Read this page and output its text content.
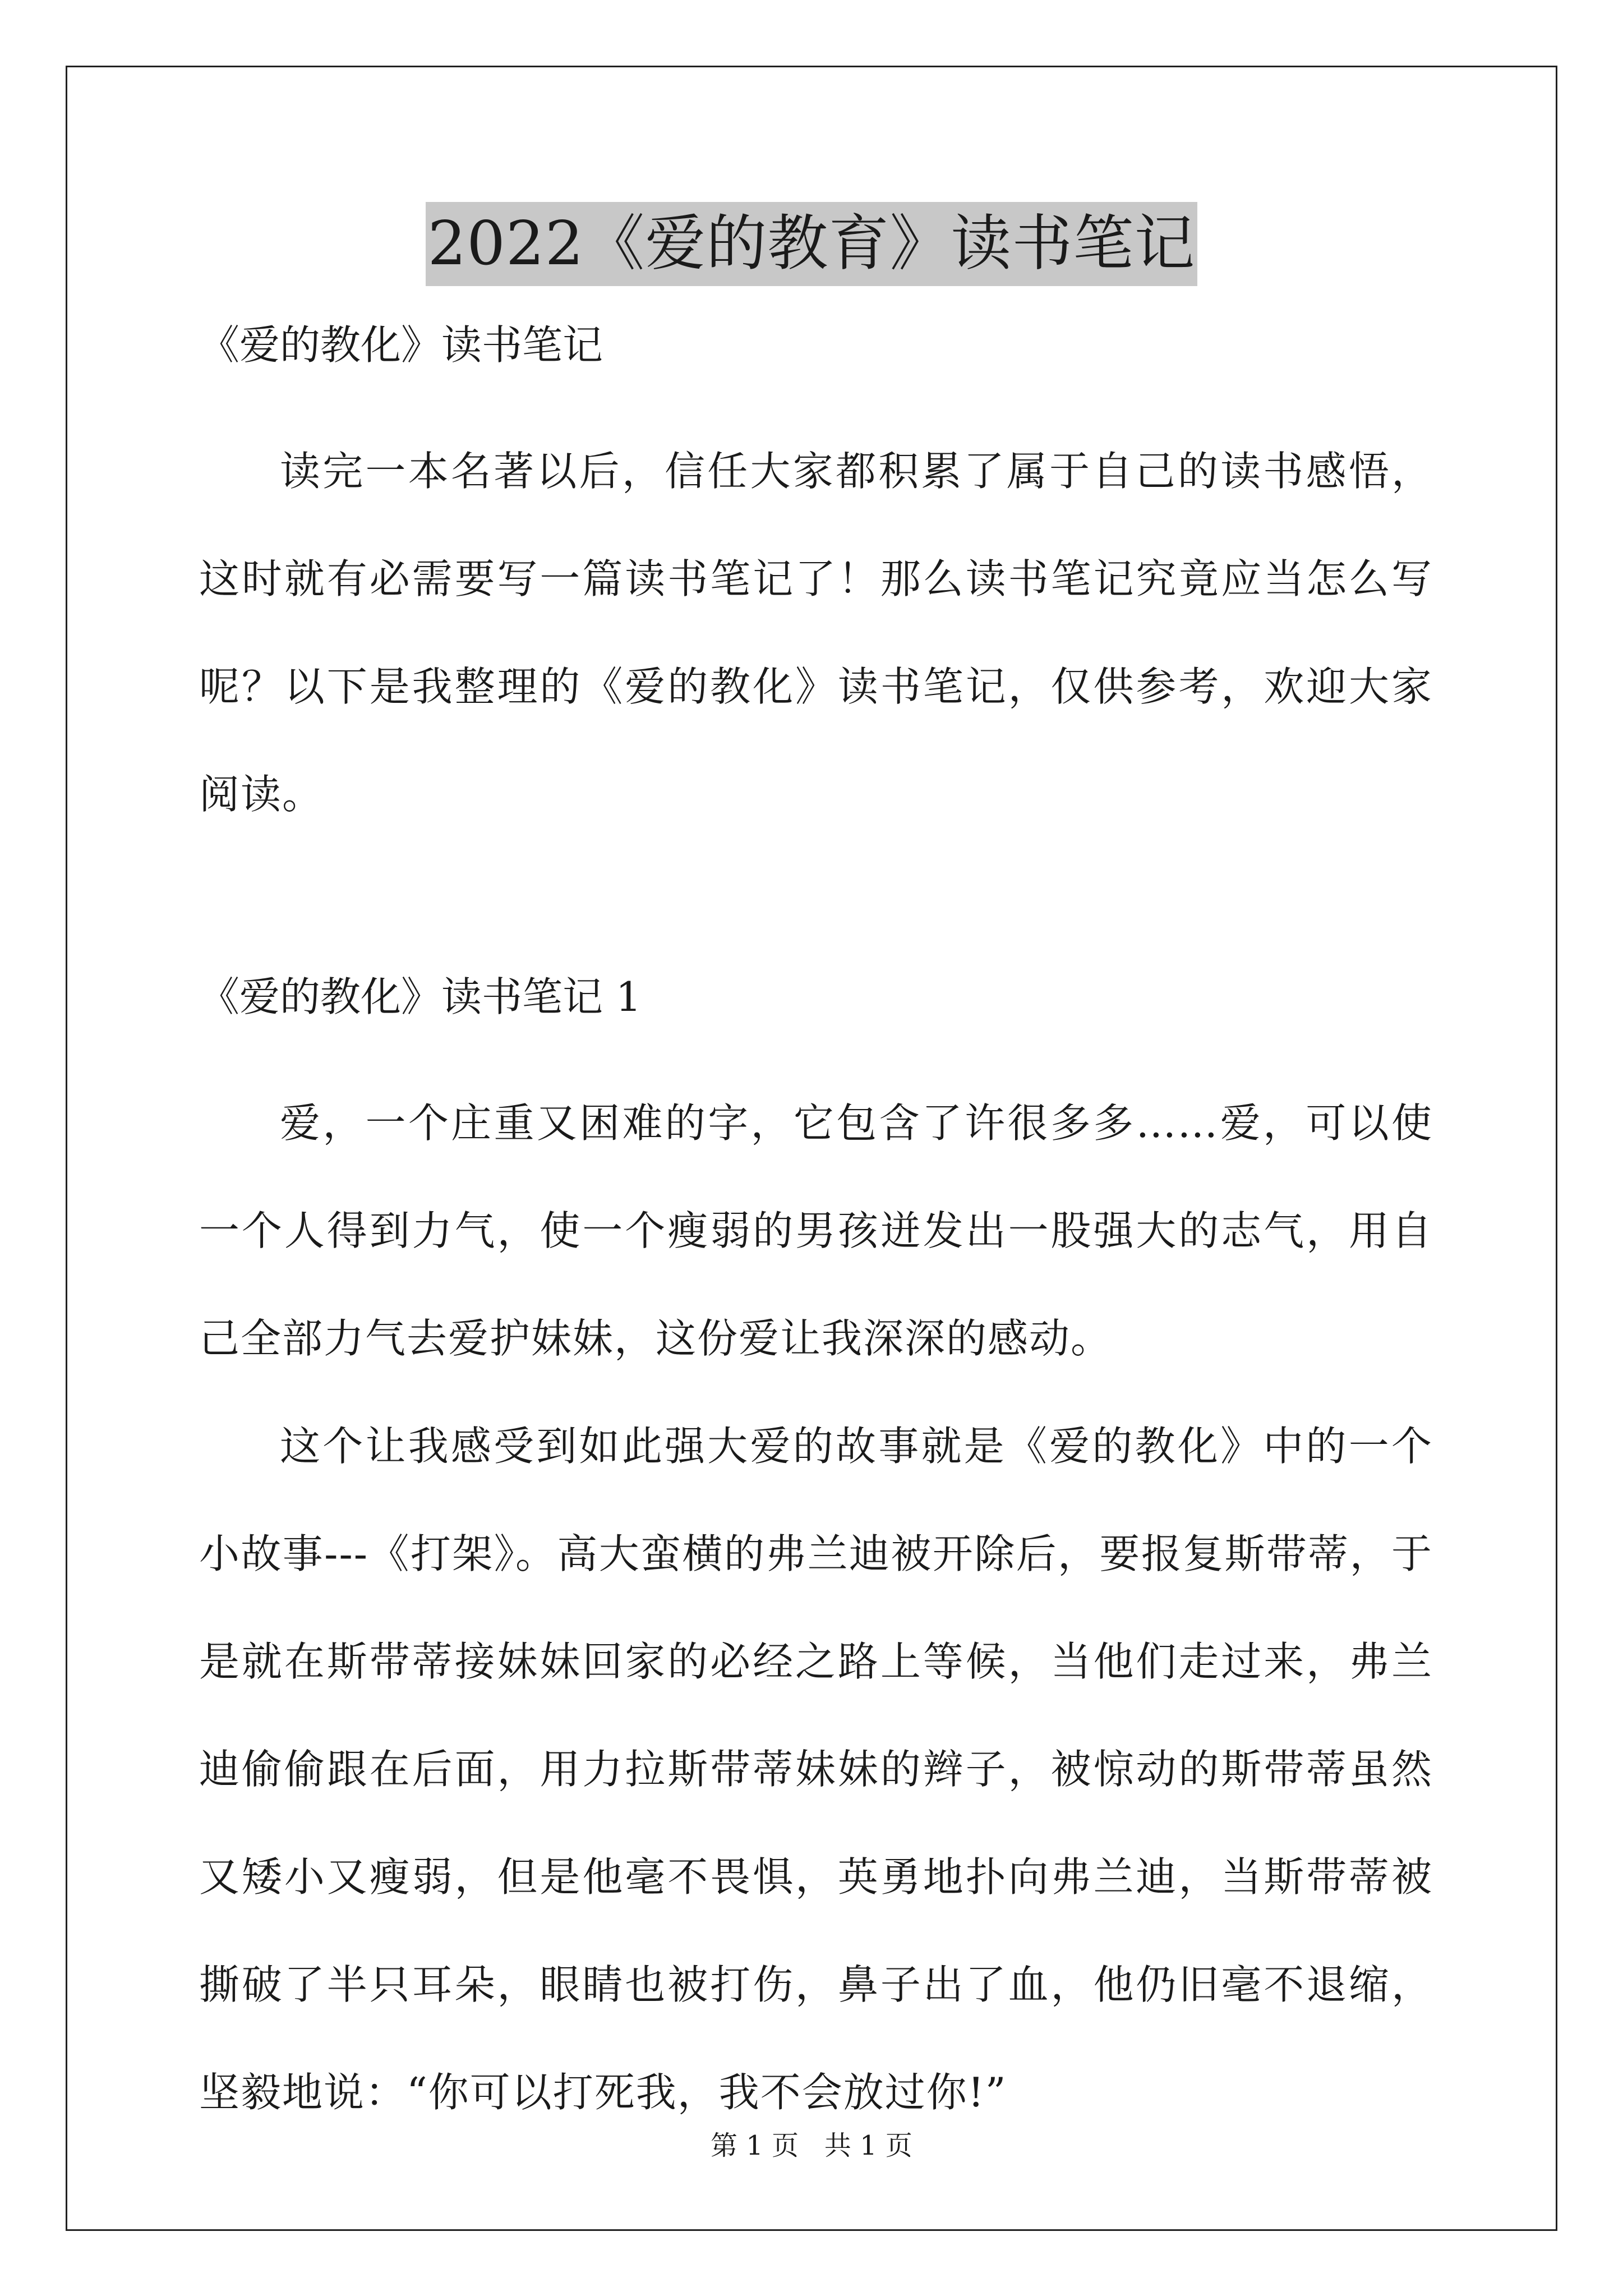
2022《爱的教育》读书笔记

《爱的教化》读书笔记

读完一本名著以后，信任大家都积累了属于自己的读书感悟，这时就有必需要写一篇读书笔记了！那么读书笔记究竟应当怎么写呢？以下是我整理的《爱的教化》读书笔记，仅供参考，欢迎大家阅读。

《爱的教化》读书笔记 1

爱，一个庄重又困难的字，它包含了许很多多……爱，可以使一个人得到力气，使一个瘦弱的男孩迸发出一股强大的志气，用自己全部力气去爱护妹妹，这份爱让我深深的感动。

这个让我感受到如此强大爱的故事就是《爱的教化》中的一个小故事---《打架》。高大蛮横的弗兰迪被开除后，要报复斯带蒂，于是就在斯带蒂接妹妹回家的必经之路上等候，当他们走过来，弗兰迪偷偷跟在后面，用力拉斯带蒂妹妹的辫子，被惊动的斯带蒂虽然又矮小又瘦弱，但是他毫不畏惧，英勇地扑向弗兰迪，当斯带蒂被撕破了半只耳朵，眼睛也被打伤，鼻子出了血，他仍旧毫不退缩，坚毅地说：“你可以打死我，我不会放过你!”

第 1 页   共 1 页
